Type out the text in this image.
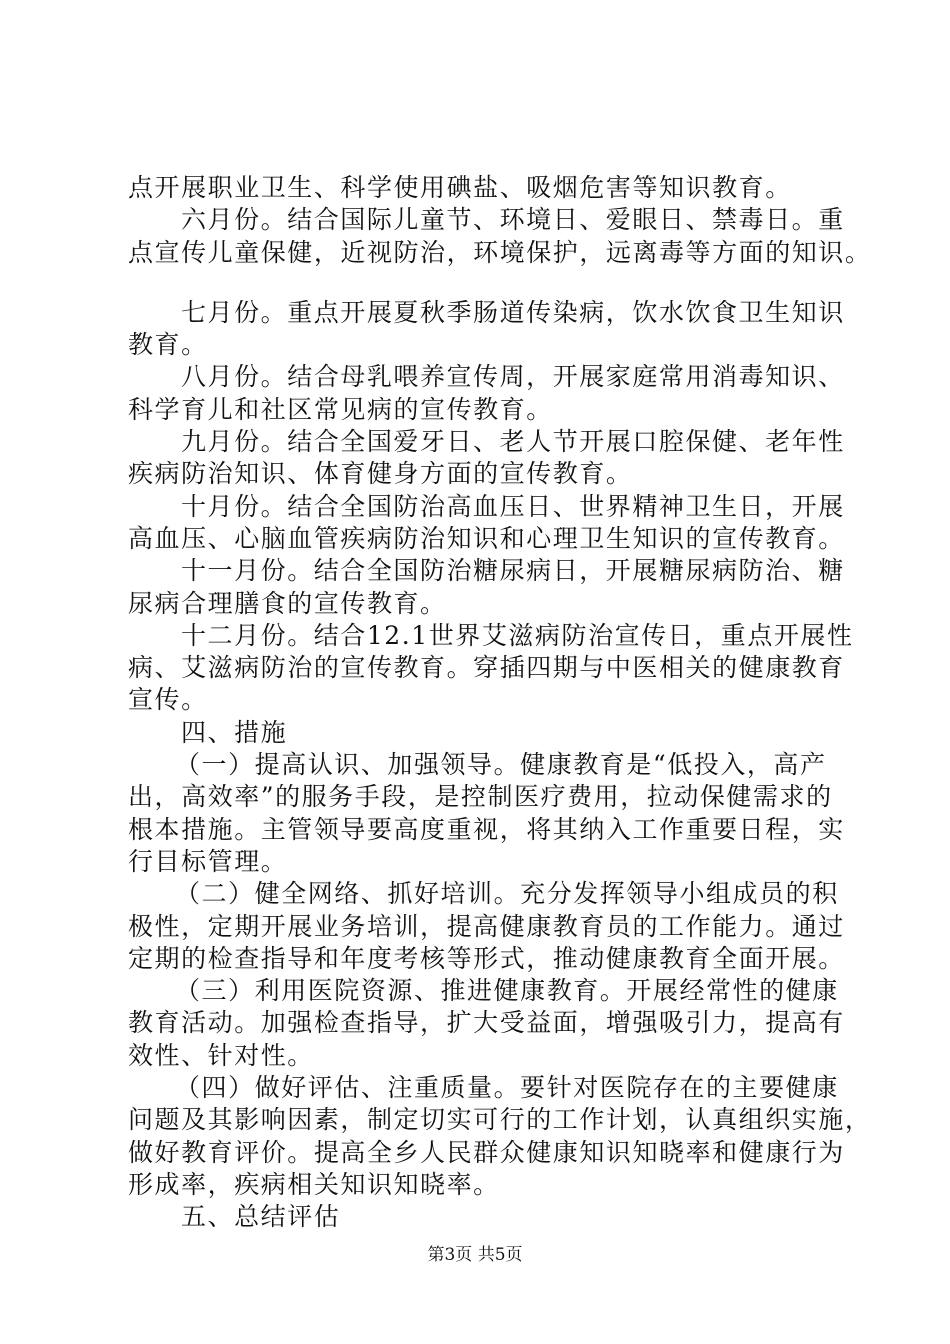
点开展职业卫生、科学使用碘盐、吸烟危害等知识教育。
六月份。结合国际儿童节、环境日、爱眼日、禁毒日。重
点宣传儿童保健，近视防治，环境保护，远离毒等方面的知识。
七月份。重点开展夏秋季肠道传染病，饮水饮食卫生知识
教育。
八月份。结合母乳喂养宣传周，开展家庭常用消毒知识、
科学育儿和社区常见病的宣传教育。
九月份。结合全国爱牙日、老人节开展口腔保健、老年性
疾病防治知识、体育健身方面的宣传教育。
十月份。结合全国防治高血压日、世界精神卫生日，开展
高血压、心脑血管疾病防治知识和心理卫生知识的宣传教育。
十一月份。结合全国防治糖尿病日，开展糖尿病防治、糖
尿病合理膳食的宣传教育。
十二月份。结合12.1世界艾滋病防治宣传日，重点开展性
病、艾滋病防治的宣传教育。穿插四期与中医相关的健康教育
宣传。
四、措施
（一）提高认识、加强领导。健康教育是“低投入，高产
出，高效率”的服务手段，是控制医疗费用，拉动保健需求的
根本措施。主管领导要高度重视，将其纳入工作重要日程，实
行目标管理。
（二）健全网络、抓好培训。充分发挥领导小组成员的积
极性，定期开展业务培训，提高健康教育员的工作能力。通过
定期的检查指导和年度考核等形式，推动健康教育全面开展。
（三）利用医院资源、推进健康教育。开展经常性的健康
教育活动。加强检查指导，扩大受益面，增强吸引力，提高有
效性、针对性。
（四）做好评估、注重质量。要针对医院存在的主要健康
问题及其影响因素，制定切实可行的工作计划，认真组织实施，
做好教育评价。提高全乡人民群众健康知识知晓率和健康行为
形成率，疾病相关知识知晓率。
五、总结评估
第3页 共5页
